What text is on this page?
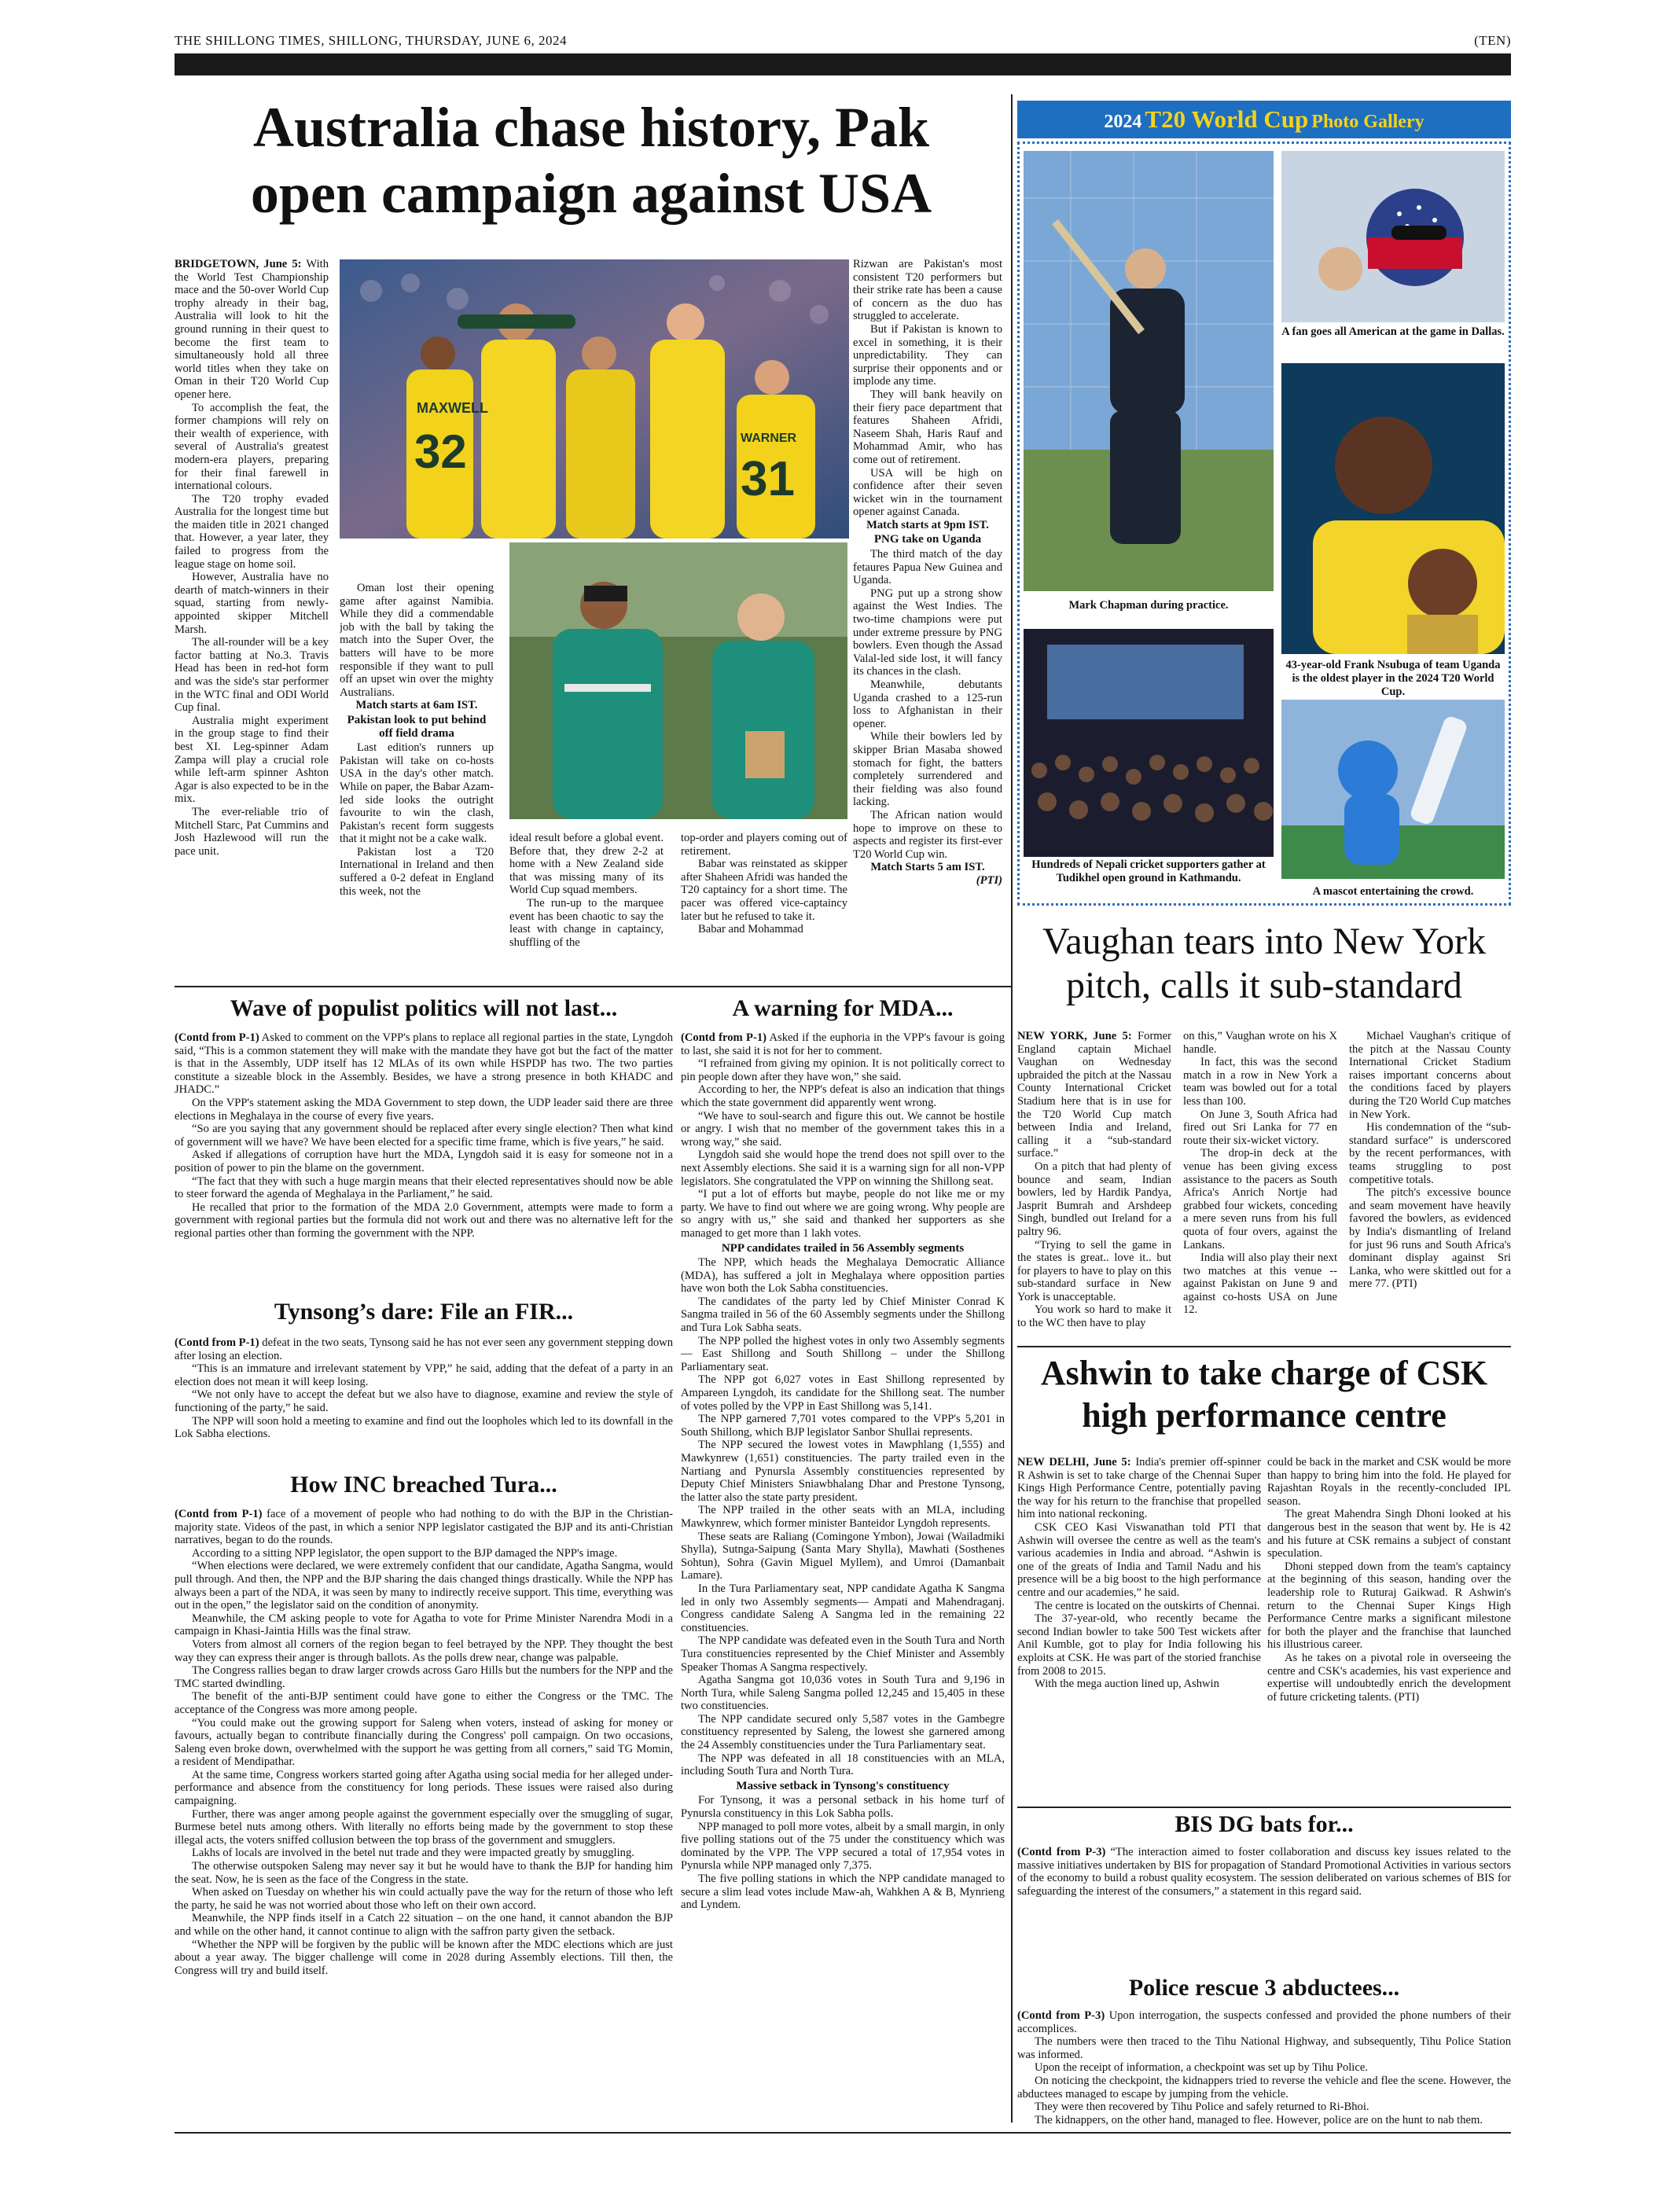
THE SHILLONG TIMES, SHILLONG, THURSDAY, JUNE 6, 2024	(TEN)
Australia chase history, Pak
open campaign against USA

BRIDGETOWN, June 5: With the World Test Championship mace and the 50-over World Cup trophy already in their bag, Australia will look to hit the ground running in their quest to become the first team to simultaneously hold all three world titles when they take on Oman in their T20 World Cup opener here.

To accomplish the feat, the former champions will rely on their wealth of experience, with several of Australia's greatest modern-era players, preparing for their final farewell in international colours.

The T20 trophy evaded Australia for the longest time but the maiden title in 2021 changed that. However, a year later, they failed to progress from the league stage on home soil.

However, Australia have no dearth of match-winners in their squad, starting from newly-appointed skipper Mitchell Marsh.

The all-rounder will be a key factor batting at No.3. Travis Head has been in red-hot form and was the side's star performer in the WTC final and ODI World Cup final.

Australia might experiment in the group stage to find their best XI. Leg-spinner Adam Zampa will play a crucial role while left-arm spinner Ashton Agar is also expected to be in the mix.

The ever-reliable trio of Mitchell Starc, Pat Cummins and Josh Hazlewood will run the pace unit.

32
31
MAXWELL
WARNER

Oman lost their opening game after against Namibia. While they did a commendable job with the ball by taking the match into the Super Over, the batters will have to be more responsible if they want to pull off an upset win over the mighty Australians.

Match starts at 6am IST.

Pakistan look to put behind off field drama

Last edition's runners up Pakistan will take on co-hosts USA in the day's other match. While on paper, the Babar Azam-led side looks the outright favourite to win the clash, Pakistan's recent form suggests that it might not be a cake walk.

Pakistan lost a T20 International in Ireland and then suffered a 0-2 defeat in England this week, not the

ideal result before a global event. Before that, they drew 2-2 at home with a New Zealand side that was missing many of its World Cup squad members.

The run-up to the marquee event has been chaotic to say the least with change in captaincy, shuffling of the

top-order and players coming out of retirement.

Babar was reinstated as skipper after Shaheen Afridi was handed the T20 captaincy for a short time. The pacer was offered vice-captaincy later but he refused to take it.

Babar and Mohammad

Rizwan are Pakistan's most consistent T20 performers but their strike rate has been a cause of concern as the duo has struggled to accelerate.

But if Pakistan is known to excel in something, it is their unpredictability. They can surprise their opponents and or implode any time.

They will bank heavily on their fiery pace department that features Shaheen Afridi, Naseem Shah, Haris Rauf and Mohammad Amir, who has come out of retirement.

USA will be high on confidence after their seven wicket win in the tournament opener against Canada.

Match starts at 9pm IST.

PNG take on Uganda

The third match of the day fetaures Papua New Guinea and Uganda.

PNG put up a strong show against the West Indies. The two-time champions were put under extreme pressure by PNG bowlers. Even though the Assad Valal-led side lost, it will fancy its chances in the clash.

Meanwhile, debutants Uganda crashed to a 125-run loss to Afghanistan in their opener.

While their bowlers led by skipper Brian Masaba showed stomach for fight, the batters completely surrendered and their fielding was also found lacking.

The African nation would hope to improve on these to aspects and register its first-ever T20 World Cup win.

Match Starts 5 am IST.

(PTI)

2024 T20 World Cup Photo Gallery
A fan goes all American at the game in Dallas.
43-year-old Frank Nsubuga of team Uganda is the oldest player in the 2024 T20 World Cup.
Mark Chapman during practice.
Hundreds of Nepali cricket supporters gather at Tudikhel open ground in Kathmandu.
A mascot entertaining the crowd.
Vaughan tears into New York
pitch, calls it sub-standard

NEW YORK, June 5: Former England captain Michael Vaughan on Wednesday upbraided the pitch at the Nassau County International Cricket Stadium here that is in use for the T20 World Cup match between India and Ireland, calling it a “sub-standard surface.”

On a pitch that had plenty of bounce and seam, Indian bowlers, led by Hardik Pandya, Jasprit Bumrah and Arshdeep Singh, bundled out Ireland for a paltry 96.

“Trying to sell the game in the states is great.. love it.. but for players to have to play on this sub-standard surface in New York is unacceptable.

You work so hard to make it to the WC then have to play

on this,” Vaughan wrote on his X handle.

In fact, this was the second match in a row in New York a team was bowled out for a total less than 100.

On June 3, South Africa had fired out Sri Lanka for 77 en route their six-wicket victory.

The drop-in deck at the venue has been giving excess assistance to the pacers as South Africa's Anrich Nortje had grabbed four wickets, conceding a mere seven runs from his full quota of four overs, against the Lankans.

India will also play their next two matches at this venue -- against Pakistan on June 9 and against co-hosts USA on June 12.

Michael Vaughan's critique of the pitch at the Nassau County International Cricket Stadium raises important concerns about the conditions faced by players during the T20 World Cup matches in New York.

His condemnation of the “sub-standard surface” is underscored by the recent performances, with teams struggling to post competitive totals.

The pitch's excessive bounce and seam movement have heavily favored the bowlers, as evidenced by India's dismantling of Ireland for just 96 runs and South Africa's dominant display against Sri Lanka, who were skittled out for a mere 77. (PTI)

Ashwin to take charge of CSK
high performance centre

NEW DELHI, June 5: India's premier off-spinner R Ashwin is set to take charge of the Chennai Super Kings High Performance Centre, potentially paving the way for his return to the franchise that propelled him into national reckoning.

CSK CEO Kasi Viswanathan told PTI that Ashwin will oversee the centre as well as the team's various academies in India and abroad. “Ashwin is one of the greats of India and Tamil Nadu and his presence will be a big boost to the high performance centre and our academies,” he said.

The centre is located on the outskirts of Chennai.

The 37-year-old, who recently became the second Indian bowler to take 500 Test wickets after Anil Kumble, got to play for India following his exploits at CSK. He was part of the storied franchise from 2008 to 2015.

With the mega auction lined up, Ashwin

could be back in the market and CSK would be more than happy to bring him into the fold. He played for Rajashtan Royals in the recently-concluded IPL season.

The great Mahendra Singh Dhoni looked at his dangerous best in the season that went by. He is 42 and his future at CSK remains a subject of constant speculation.

Dhoni stepped down from the team's captaincy at the beginning of this season, handing over the leadership role to Ruturaj Gaikwad. R Ashwin's return to the Chennai Super Kings High Performance Centre marks a significant milestone for both the player and the franchise that launched his illustrious career.

As he takes on a pivotal role in overseeing the centre and CSK's academies, his vast experience and expertise will undoubtedly enrich the development of future cricketing talents. (PTI)

BIS DG bats for...

(Contd from P-3) “The interaction aimed to foster collaboration and discuss key issues related to the massive initiatives undertaken by BIS for propagation of Standard Promotional Activities in various sectors of the economy to build a robust quality ecosystem. The session deliberated on various schemes of BIS for safeguarding the interest of the consumers,” a statement in this regard said.

Police rescue 3 abductees...

(Contd from P-3) Upon interrogation, the suspects confessed and provided the phone numbers of their accomplices.

The numbers were then traced to the Tihu National Highway, and subsequently, Tihu Police Station was informed.

Upon the receipt of information, a checkpoint was set up by Tihu Police.

On noticing the checkpoint, the kidnappers tried to reverse the vehicle and flee the scene. However, the abductees managed to escape by jumping from the vehicle.

They were then recovered by Tihu Police and safely returned to Ri-Bhoi.

The kidnappers, on the other hand, managed to flee. However, police are on the hunt to nab them.

Wave of populist politics will not last...

(Contd from P-1) Asked to comment on the VPP's plans to replace all regional parties in the state, Lyngdoh said, “This is a common statement they will make with the mandate they have got but the fact of the matter is that in the Assembly, UDP itself has 12 MLAs of its own while HSPDP has two. The two parties constitute a sizeable block in the Assembly. Besides, we have a strong presence in both KHADC and JHADC.”

On the VPP's statement asking the MDA Government to step down, the UDP leader said there are three elections in Meghalaya in the course of every five years.

“So are you saying that any government should be replaced after every single election? Then what kind of government will we have? We have been elected for a specific time frame, which is five years,” he said.

Asked if allegations of corruption have hurt the MDA, Lyngdoh said it is easy for someone not in a position of power to pin the blame on the government.

“The fact that they with such a huge margin means that their elected representatives should now be able to steer forward the agenda of Meghalaya in the Parliament,” he said.

He recalled that prior to the formation of the MDA 2.0 Government, attempts were made to form a government with regional parties but the formula did not work out and there was no alternative left for the regional parties other than forming the government with the NPP.

Tynsong’s dare: File an FIR...

(Contd from P-1) defeat in the two seats, Tynsong said he has not ever seen any government stepping down after losing an election.

“This is an immature and irrelevant statement by VPP,” he said, adding that the defeat of a party in an election does not mean it will keep losing.

“We not only have to accept the defeat but we also have to diagnose, examine and review the style of functioning of the party,” he said.

The NPP will soon hold a meeting to examine and find out the loopholes which led to its downfall in the Lok Sabha elections.

How INC breached Tura...

(Contd from P-1) face of a movement of people who had nothing to do with the BJP in the Christian-majority state. Videos of the past, in which a senior NPP legislator castigated the BJP and its anti-Christian narratives, began to do the rounds.

According to a sitting NPP legislator, the open support to the BJP damaged the NPP's image.

“When elections were declared, we were extremely confident that our candidate, Agatha Sangma, would pull through. And then, the NPP and the BJP sharing the dais changed things drastically. While the NPP has always been a part of the NDA, it was seen by many to indirectly receive support. This time, everything was out in the open,” the legislator said on the condition of anonymity.

Meanwhile, the CM asking people to vote for Agatha to vote for Prime Minister Narendra Modi in a campaign in Khasi-Jaintia Hills was the final straw.

Voters from almost all corners of the region began to feel betrayed by the NPP. They thought the best way they can express their anger is through ballots. As the polls drew near, change was palpable.

The Congress rallies began to draw larger crowds across Garo Hills but the numbers for the NPP and the TMC started dwindling.

The benefit of the anti-BJP sentiment could have gone to either the Congress or the TMC. The acceptance of the Congress was more among people.

“You could make out the growing support for Saleng when voters, instead of asking for money or favours, actually began to contribute financially during the Congress' poll campaign. On two occasions, Saleng even broke down, overwhelmed with the support he was getting from all corners,” said TG Momin, a resident of Mendipathar.

At the same time, Congress workers started going after Agatha using social media for her alleged under-performance and absence from the constituency for long periods. These issues were raised also during campaigning.

Further, there was anger among people against the government especially over the smuggling of sugar, Burmese betel nuts among others. With literally no efforts being made by the government to stop these illegal acts, the voters sniffed collusion between the top brass of the government and smugglers.

Lakhs of locals are involved in the betel nut trade and they were impacted greatly by smuggling.

The otherwise outspoken Saleng may never say it but he would have to thank the BJP for handing him the seat. Now, he is seen as the face of the Congress in the state.

When asked on Tuesday on whether his win could actually pave the way for the return of those who left the party, he said he was not worried about those who left on their own accord.

Meanwhile, the NPP finds itself in a Catch 22 situation – on the one hand, it cannot abandon the BJP and while on the other hand, it cannot continue to align with the saffron party given the setback.

“Whether the NPP will be forgiven by the public will be known after the MDC elections which are just about a year away. The bigger challenge will come in 2028 during Assembly elections. Till then, the Congress will try and build itself.

A warning for MDA...

(Contd from P-1) Asked if the euphoria in the VPP's favour is going to last, she said it is not for her to comment.

“I refrained from giving my opinion. It is not politically correct to pin people down after they have won,” she said.

According to her, the NPP's defeat is also an indication that things which the state government did apparently went wrong.

“We have to soul-search and figure this out. We cannot be hostile or angry. I wish that no member of the government takes this in a wrong way,” she said.

Lyngdoh said she would hope the trend does not spill over to the next Assembly elections. She said it is a warning sign for all non-VPP legislators. She congratulated the VPP on winning the Shillong seat.

“I put a lot of efforts but maybe, people do not like me or my party. We have to find out where we are going wrong. Why people are so angry with us,” she said and thanked her supporters as she managed to get more than 1 lakh votes.

NPP candidates trailed in 56 Assembly segments

The NPP, which heads the Meghalaya Democratic Alliance (MDA), has suffered a jolt in Meghalaya where opposition parties have won both the Lok Sabha constituencies.

The candidates of the party led by Chief Minister Conrad K Sangma trailed in 56 of the 60 Assembly segments under the Shillong and Tura Lok Sabha seats.

The NPP polled the highest votes in only two Assembly segments — East Shillong and South Shillong – under the Shillong Parliamentary seat.

The NPP got 6,027 votes in East Shillong represented by Ampareen Lyngdoh, its candidate for the Shillong seat. The number of votes polled by the VPP in East Shillong was 5,141.

The NPP garnered 7,701 votes compared to the VPP's 5,201 in South Shillong, which BJP legislator Sanbor Shullai represents.

The NPP secured the lowest votes in Mawphlang (1,555) and Mawkynrew (1,651) constituencies. The party trailed even in the Nartiang and Pynursla Assembly constituencies represented by Deputy Chief Ministers Sniawbhalang Dhar and Prestone Tynsong, the latter also the state party president.

The NPP trailed in the other seats with an MLA, including Mawkynrew, which former minister Banteidor Lyngdoh represents.

These seats are Raliang (Comingone Ymbon), Jowai (Wailadmiki Shylla), Sutnga-Saipung (Santa Mary Shylla), Mawhati (Sosthenes Sohtun), Sohra (Gavin Miguel Myllem), and Umroi (Damanbait Lamare).

In the Tura Parliamentary seat, NPP candidate Agatha K Sangma led in only two Assembly segments— Ampati and Mahendraganj. Congress candidate Saleng A Sangma led in the remaining 22 constituencies.

The NPP candidate was defeated even in the South Tura and North Tura constituencies represented by the Chief Minister and Assembly Speaker Thomas A Sangma respectively.

Agatha Sangma got 10,036 votes in South Tura and 9,196 in North Tura, while Saleng Sangma polled 12,245 and 15,405 in these two constituencies.

The NPP candidate secured only 5,587 votes in the Gambegre constituency represented by Saleng, the lowest she garnered among the 24 Assembly constituencies under the Tura Parliamentary seat.

The NPP was defeated in all 18 constituencies with an MLA, including South Tura and North Tura.

Massive setback in Tynsong's constituency

For Tynsong, it was a personal setback in his home turf of Pynursla constituency in this Lok Sabha polls.

NPP managed to poll more votes, albeit by a small margin, in only five polling stations out of the 75 under the constituency which was dominated by the VPP. The VPP secured a total of 17,954 votes in Pynursla while NPP managed only 7,375.

The five polling stations in which the NPP candidate managed to secure a slim lead votes include Maw-ah, Wahkhen A & B, Mynrieng and Lyndem.
